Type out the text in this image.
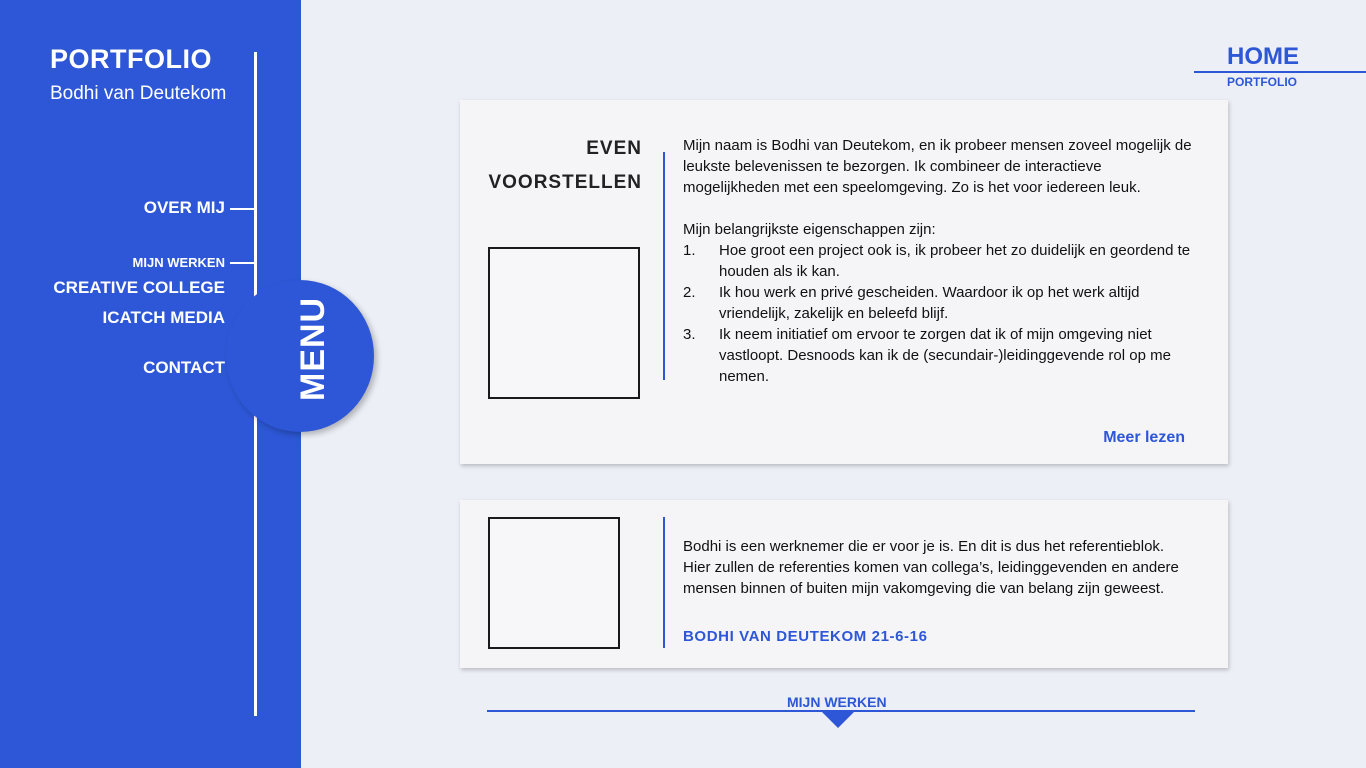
PORTFOLIO
Bodhi van Deutekom
OVER MIJ
MIJN WERKEN
CREATIVE COLLEGE
ICATCH MEDIA
CONTACT MENU
HOME
PORTFOLIO
EVEN
VOORSTELLEN

Mijn naam is Bodhi van Deutekom, en ik probeer mensen zoveel mogelijk de leukste belevenissen te bezorgen. Ik combineer de interactieve mogelijkheden met een speelomgeving. Zo is het voor iedereen leuk.

Mijn belangrijkste eigenschappen zijn:

1.	Hoe groot een project ook is, ik probeer het zo duidelijk en geordend te houden als ik kan.
2.	Ik hou werk en privé gescheiden. Waardoor ik op het werk altijd vriendelijk, zakelijk en beleefd blijf.
3.	Ik neem initiatief om ervoor te zorgen dat ik of mijn omgeving niet vastloopt. Desnoods kan ik de (secundair-)leidinggevende rol op me nemen.
Meer lezen
Bodhi is een werknemer die er voor je is. En dit is dus het referentieblok. Hier zullen de referenties komen van collega’s, leidinggevenden en andere mensen binnen of buiten mijn vakomgeving die van belang zijn geweest.
BODHI VAN DEUTEKOM 21-6-16
MIJN WERKEN
